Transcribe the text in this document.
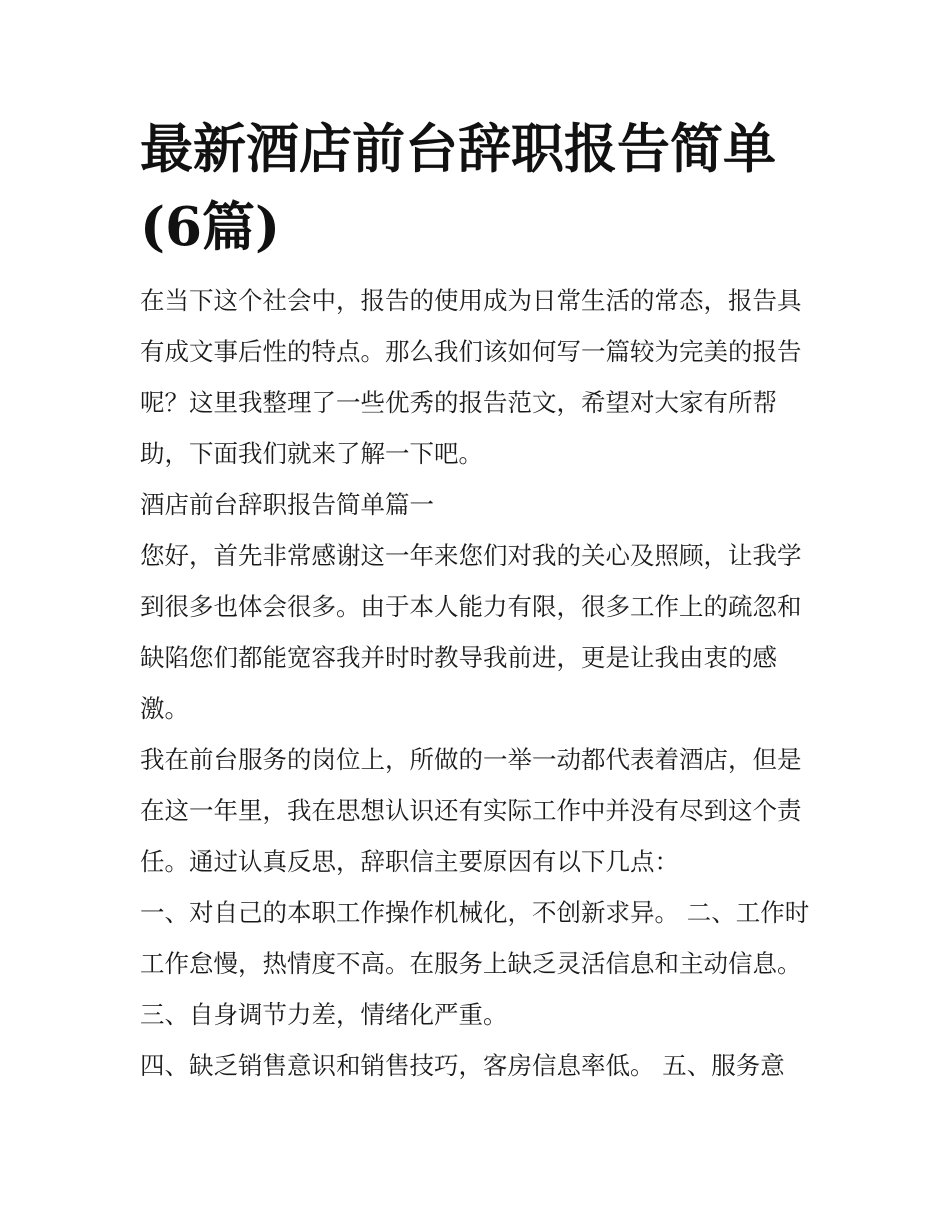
最新酒店前台辞职报告简单(6篇)

在当下这个社会中，报告的使用成为日常生活的常态，报告具有成文事后性的特点。那么我们该如何写一篇较为完美的报告呢？这里我整理了一些优秀的报告范文，希望对大家有所帮助，下面我们就来了解一下吧。

酒店前台辞职报告简单篇一

您好，首先非常感谢这一年来您们对我的关心及照顾，让我学到很多也体会很多。由于本人能力有限，很多工作上的疏忽和缺陷您们都能宽容我并时时教导我前进，更是让我由衷的感激。

我在前台服务的岗位上，所做的一举一动都代表着酒店，但是在这一年里，我在思想认识还有实际工作中并没有尽到这个责任。通过认真反思，辞职信主要原因有以下几点：

一、对自己的本职工作操作机械化，不创新求异。 二、工作时工作怠慢，热情度不高。在服务上缺乏灵活信息和主动信息。 三、自身调节力差，情绪化严重。

四、缺乏销售意识和销售技巧，客房信息率低。 五、服务意
